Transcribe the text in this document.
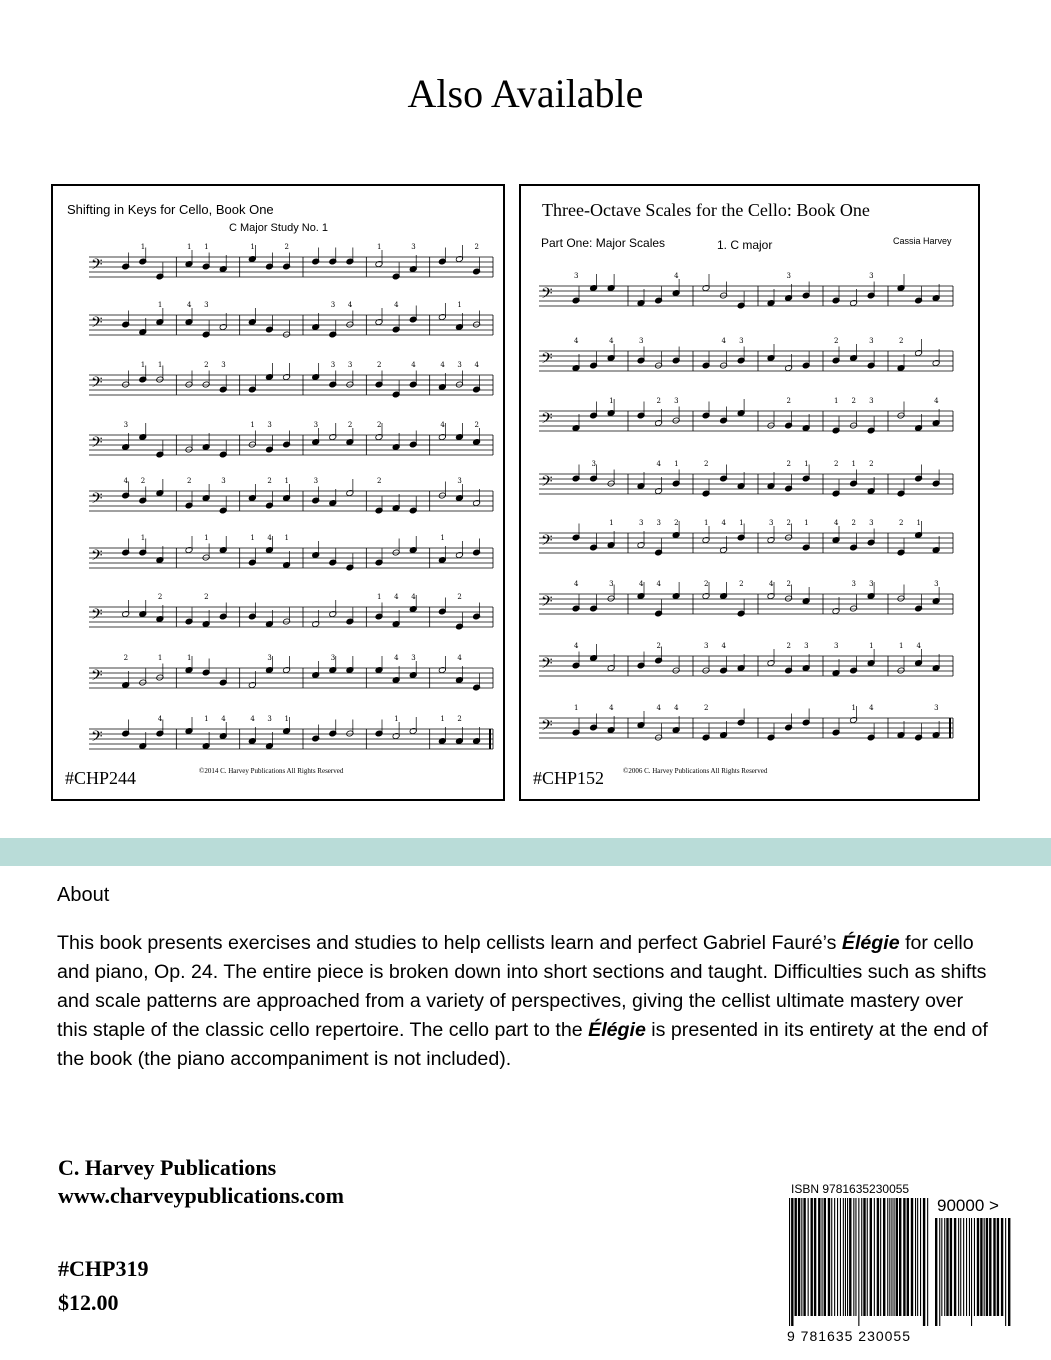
Also Available
Shifting in Keys for Cello, Book One
C Major Study No. 1
𝄢
1	1 1	1	2	1	3	2
𝄢
1	4 3	3 4	4	1
𝄢
1 1	2 3	3 3	2	4	4 3 4
𝄢
3	1 3	3	2	2	4	2
𝄢
4 2	2	3	2 1	3	2	3
𝄢
1	1	1 4 1	1
𝄢
2	2	1 4 4	2
𝄢
2	1	1	3	3	4 3	4
𝄢
4	1 4	4 3 1	1	1 2
#CHP244	©2014 C. Harvey Publications All Rights Reserved
Three-Octave Scales for the Cello: Book One
Part One: Major Scales	1. C major	Cassia Harvey
𝄢
3	4	3	3
𝄢
4	4	3	4 3	2	3	2
𝄢
1	2 3	2	1 2 3	4
𝄢
3	4 1	2	2 1	2 1 2
𝄢
1	3 3 2	1 4 1	3 2 1	4 2 3	2 1
𝄢
4	3	4 4	2	2	4 2	3 3	3
𝄢
4	2	3 4	2 3	3	1	1 4
𝄢
1	4	4 4	2	1 4	3
#CHP152	©2006 C. Harvey Publications All Rights Reserved
About

This book presents exercises and studies to help cellists learn and perfect Gabriel Fauré’s Élégie for cello and piano, Op. 24. The entire piece is broken down into short sections and taught. Difficulties such as shifts and scale patterns are approached from a variety of perspectives, giving the cellist ultimate mastery over this staple of the classic cello repertoire. The cello part to the Élégie is presented in its entirety at the end of the book (the piano accompaniment is not included).

C. Harvey Publications
www.charveypublications.com
#CHP319
$12.00
ISBN 9781635230055
90000 >
9 781635 230055
